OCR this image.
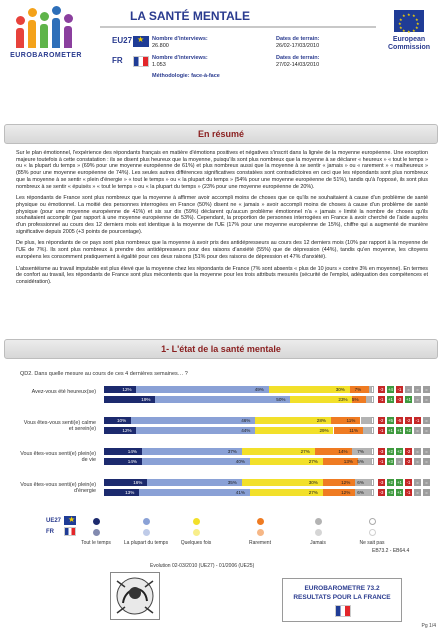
EUROBAROMETER
LA SANTÉ MENTALE
EU27
★	Nombre d'interviews:
26.800
Dates de terrain:
26/02-17/03/2010
FR	Nombre d'interviews:
1.053
Dates de terrain:
27/02-14/03/2010
Méthodologie: face-à-face
★ ★
★
★
★
★
★
★
★
★
★
★
European
Commission
En résumé

Sur le plan émotionnel, l'expérience des répondants français en matière d'émotions positives et négatives s'inscrit dans la lignée de la moyenne européenne. Une exception majeure toutefois à cette constatation : ils se disent plus heureux que la moyenne, puisqu'ils sont plus nombreux que la moyenne à se déclarer « heureux » « tout le temps » ou « la plupart du temps » (69% pour une moyenne européenne de 61%) et plus nombreux aussi que la moyenne à se sentir « jamais » ou « rarement » « malheureux » (85% pour une moyenne européenne de 74%). Les seules autres différences significatives constatées sont contradictoires en ceci que les répondants sont plus nombreux que la moyenne à se sentir « plein d'énergie » « tout le temps » ou « la plupart du temps » (54% pour une moyenne européenne de 51%), tandis qu'à l'opposé, ils sont plus nombreux à se sentir « épuisés » « tout le temps » ou « la plupart du temps » (23% pour une moyenne européenne de 20%).

Les répondants de France sont plus nombreux que la moyenne à affirmer avoir accompli moins de choses que ce qu'ils ne souhaitaient à cause d'un problème de santé physique ou émotionnel. La moitié des personnes interrogées en France (50%) disent ne « jamais » avoir accompli moins de choses à cause d'un problème de santé physique (pour une moyenne européenne de 41%) et six sur dix (59%) déclarent qu'aucun problème émotionnel n'a « jamais » limité la nombre de choses qu'ils souhaitaient accomplir (par rapport à une moyenne européenne de 53%). Cependant, la proportion de personnes interrogées en France à avoir cherché de l'aide auprès d'un professionnel au cours des 12 derniers mois est identique à la moyenne de l'UE (17% pour une moyenne européenne de 15%), chiffre qui a augmenté de manière significative depuis 2005 (+3 points de pourcentage).

De plus, les répondants de ce pays sont plus nombreux que la moyenne à avoir pris des antidépresseurs au cours des 12 derniers mois (10% par rapport à la moyenne de l'UE de 7%). Ils sont plus nombreux à prendre des antidépresseurs pour des raisons d'anxiété (55%) que de dépression (44%), tandis qu'en moyenne, les citoyens européens les consomment pratiquement à égalité pour ces deux raisons (51% pour des raisons de dépression et 47% d'anxiété).

L'absentéisme au travail imputable est plus élevé que la moyenne chez les répondants de France (7% sont absents « plus de 10 jours » contre 3% en moyenne). En termes de confort au travail, les répondants de France sont plus mécontents que la moyenne pour les trois attributs mesurés (sécurité de l'emploi, adéquation des compétences et considération).

1- L'état de la santé mentale
QD2. Dans quelle mesure au cours de ces 4 dernières semaines… ?
Avez-vous été heureux(se)	12%	49%	30% 7%	-3	+4	-1	=	=	=
19%	50%	23% 5%	-1	+1	-3	+1	=	=
Vous êtes-vous senti(e) calme et serein(e)
10%	46%	28%	11%	-2	+5	-5	-2	-1	=
12%	44%	29%	11%	-1	+1 +1 +2	=	=
Vous êtes-vous senti(e) plein(e) de vie
14%	37%	27%	14% 7%	-3	+2 +2	-2	=	=
14%	40%	27%	13% 5%	-1	+3	=	-2	=	=
Vous êtes-vous senti(e) plein(e) d'énergie
16%	35%	30%	12% 6%	-3	+2 +1	-1	=	=
13%	41%	27%	12% 6%	-3	+3 +1	-1	=	=
UE27
★
FR
Tout le temps	La plupart du temps	Quelques fois	Rarement	Jamais	Ne sait pas
EB73.2 - EB64.4
Evolution 02-03/2010 (UE27) - 01/2006 (UE25)
EUROBAROMETRE 73.2
RESULTATS POUR LA FRANCE
Pg 1/4
